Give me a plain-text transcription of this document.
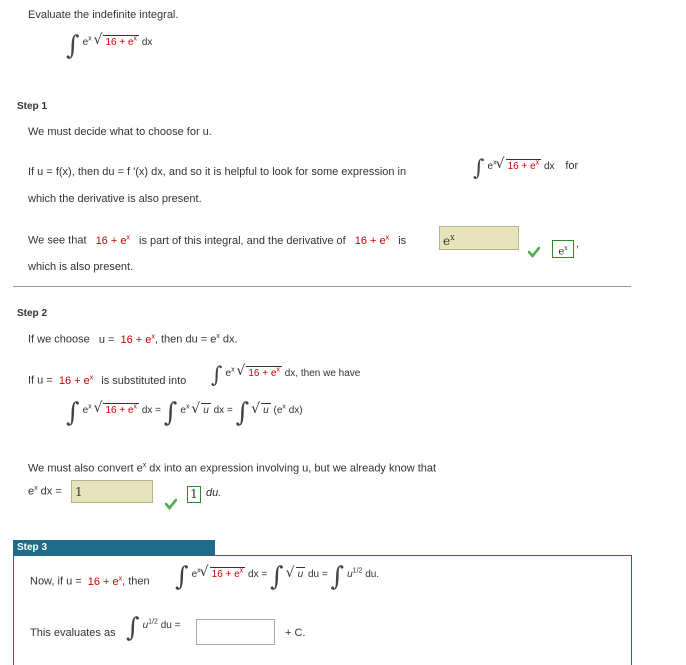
Evaluate the indefinite integral.
∫ $e^x$ √ $16 + e^x$ dx
Step 1
We must decide what to choose for u.
If u = f(x), then du = f '(x) dx, and so it is helpful to look for some expression in	∫ $e^x$ √ $16 + e^x$ dx for
which the derivative is also present.
We see that $16 + e^x$ is part of this integral, and the derivative of $16 + e^x$ is	$e^x$
$e^x$ ,
which is also present.
Step 2
If we choose $u = 16 + e^x$, then du = $e^x$ dx.
If $u = 16 + e^x$ is substituted into ∫ $e^x$ √ $16 + e^x$ dx, then we have
∫ $e^x$ √ $16 + e^x$ dx = ∫ $e^x$ √ u dx = ∫ √ u ($e^x$ dx)
We must also convert $e^x$ dx into an expression involving u, but we already know that
$e^x$ dx =	1	1 du.
Step 3
Now, if $u = 16 + e^x$, then ∫ $e^x$ √ $16 + e^x$ dx = ∫ √ u du = ∫ $u^{1/2}$ du.
This evaluates as ∫ $u^{1/2}$ du =
+ C.
